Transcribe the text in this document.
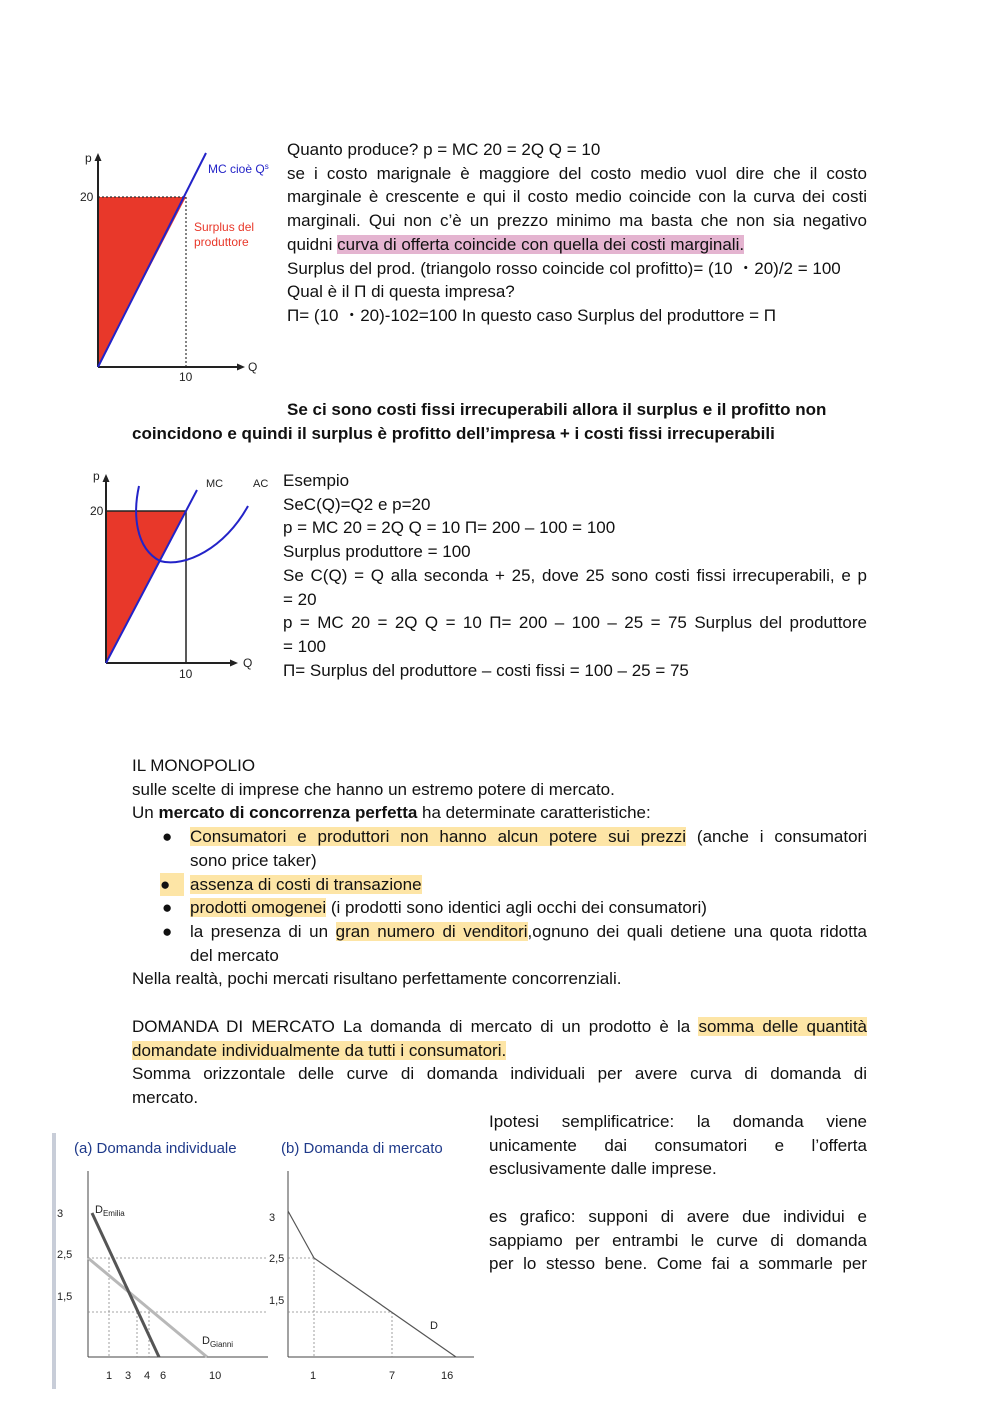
p
Q
20
10
MC cioè $Q^s$
Surplus del
produttore
Quanto produce? p = MC 20 = 2Q Q = 10
se i costo marignale è maggiore del costo medio vuol dire che il costo
marginale è crescente e qui il costo medio coincide con la curva dei costi
marginali. Qui non c’è un prezzo minimo ma basta che non sia negativo
quidni curva di offerta coincide con quella dei costi marginali.
Surplus del prod. (triangolo rosso coincide col profitto)= (10 ・20)/2 = 100
Qual è il Π di questa impresa?
Π= (10 ・20)-102=100 In questo caso Surplus del produttore = Π
Se ci sono costi fissi irrecuperabili allora il surplus e il profitto non
coincidono e quindi il surplus è profitto dell’impresa + i costi fissi irrecuperabili
p
Q
20
10
MC	AC Esempio
SeC(Q)=Q2 e p=20
p = MC 20 = 2Q Q = 10 Π= 200 – 100 = 100
Surplus produttore = 100
Se C(Q) = Q alla seconda + 25, dove 25 sono costi fissi irrecuperabili, e p
= 20
p = MC 20 = 2Q Q = 10 Π= 200 – 100 – 25 = 75 Surplus del produttore
= 100
Π= Surplus del produttore – costi fissi = 100 – 25 = 75
IL MONOPOLIO
sulle scelte di imprese che hanno un estremo potere di mercato.
Un mercato di concorrenza perfetta ha determinate caratteristiche:
● Consumatori e produttori non hanno alcun potere sui prezzi (anche i consumatori
sono price taker)
●	assenza di costi di transazione
● prodotti omogenei (i prodotti sono identici agli occhi dei consumatori)
● la presenza di un gran numero di venditori,ognuno dei quali detiene una quota ridotta
del mercato
Nella realtà, pochi mercati risultano perfettamente concorrenziali.
DOMANDA DI MERCATO La domanda di mercato di un prodotto è la somma delle quantità
domandate individualmente da tutti i consumatori.
Somma orizzontale delle curve di domanda individuali per avere curva di domanda di
mercato.
(a) Domanda individuale	(b) Domanda di mercato
3
2,5
1,5
1 3 4 6	10
$D_{Emilia}$
$D_{Gianni}$
3
2,5
1,5
1	7	16
D
Ipotesi semplificatrice: la domanda viene
unicamente dai consumatori e l’offerta
esclusivamente dalle imprese.
es grafico: supponi di avere due individui e
sappiamo per entrambi le curve di domanda
per lo stesso bene. Come fai a sommarle per
